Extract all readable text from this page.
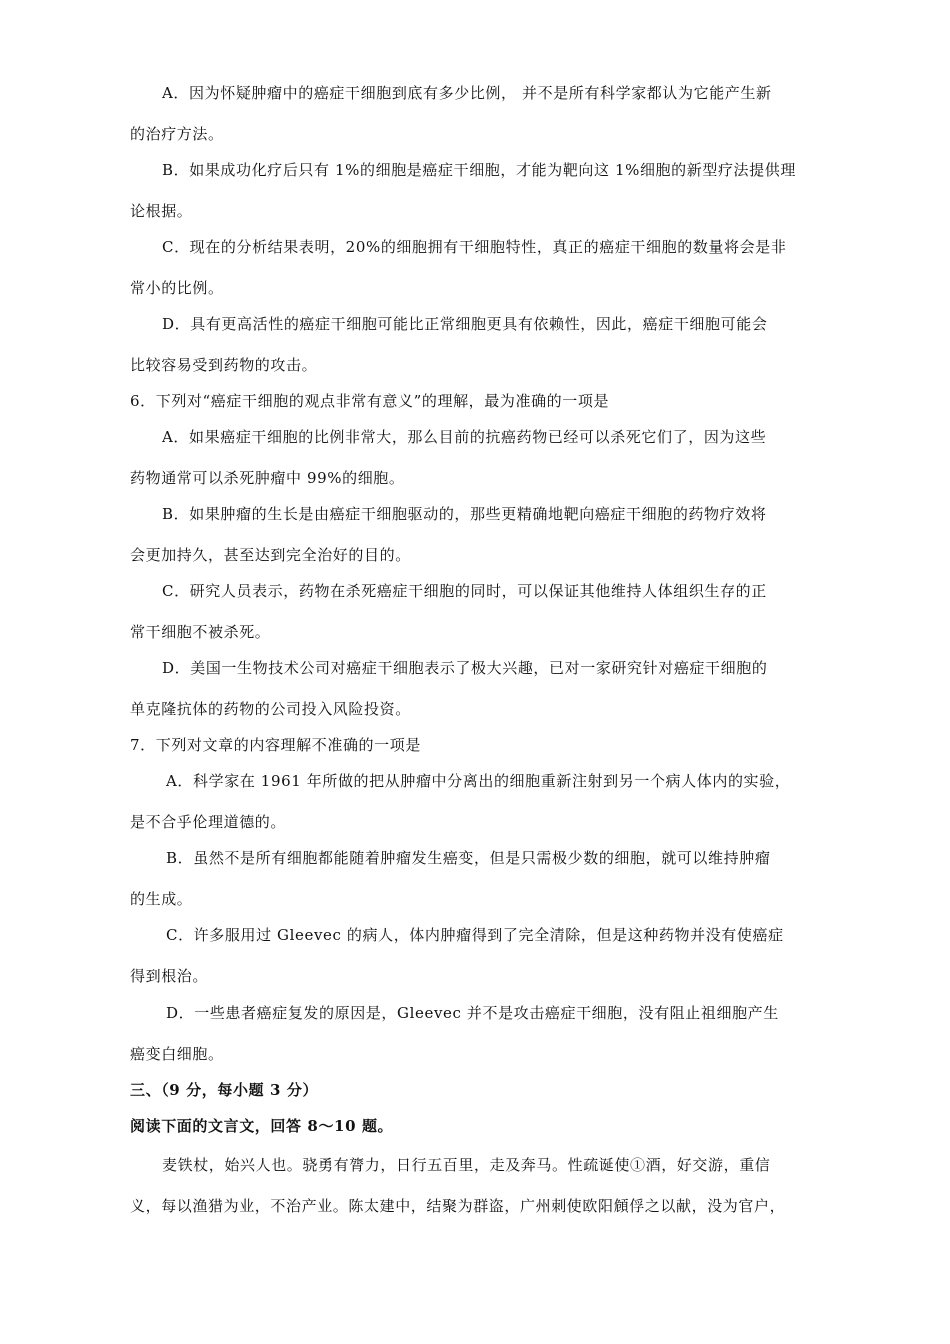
A．因为怀疑肿瘤中的癌症干细胞到底有多少比例， 并不是所有科学家都认为它能产生新
的治疗方法。
B．如果成功化疗后只有 1%的细胞是癌症干细胞，才能为靶向这 1%细胞的新型疗法提供理
论根据。
C．现在的分析结果表明，20%的细胞拥有干细胞特性，真正的癌症干细胞的数量将会是非
常小的比例。
D．具有更高活性的癌症干细胞可能比正常细胞更具有依赖性，因此，癌症干细胞可能会
比较容易受到药物的攻击。
6．下列对“癌症干细胞的观点非常有意义”的理解，最为准确的一项是
A．如果癌症干细胞的比例非常大，那么目前的抗癌药物已经可以杀死它们了，因为这些
药物通常可以杀死肿瘤中 99%的细胞。
B．如果肿瘤的生长是由癌症干细胞驱动的，那些更精确地靶向癌症干细胞的药物疗效将
会更加持久，甚至达到完全治好的目的。
C．研究人员表示，药物在杀死癌症干细胞的同时，可以保证其他维持人体组织生存的正
常干细胞不被杀死。
D．美国一生物技术公司对癌症干细胞表示了极大兴趣，已对一家研究针对癌症干细胞的
单克隆抗体的药物的公司投入风险投资。
7．下列对文章的内容理解不准确的一项是
A．科学家在 1961 年所做的把从肿瘤中分离出的细胞重新注射到另一个病人体内的实验，
是不合乎伦理道德的。
B．虽然不是所有细胞都能随着肿瘤发生癌变，但是只需极少数的细胞，就可以维持肿瘤
的生成。
C．许多服用过 Gleevec 的病人，体内肿瘤得到了完全清除，但是这种药物并没有使癌症
得到根治。
D．一些患者癌症复发的原因是，Gleevec 并不是攻击癌症干细胞，没有阻止祖细胞产生
癌变白细胞。
三、（9 分，每小题 3 分）
阅读下面的文言文，回答 8～10 题。
麦铁杖，始兴人也。骁勇有膂力，日行五百里，走及奔马。性疏诞使①酒，好交游，重信
义，每以渔猎为业，不治产业。陈太建中，结聚为群盗，广州刺使欧阳頠俘之以献，没为官户，
